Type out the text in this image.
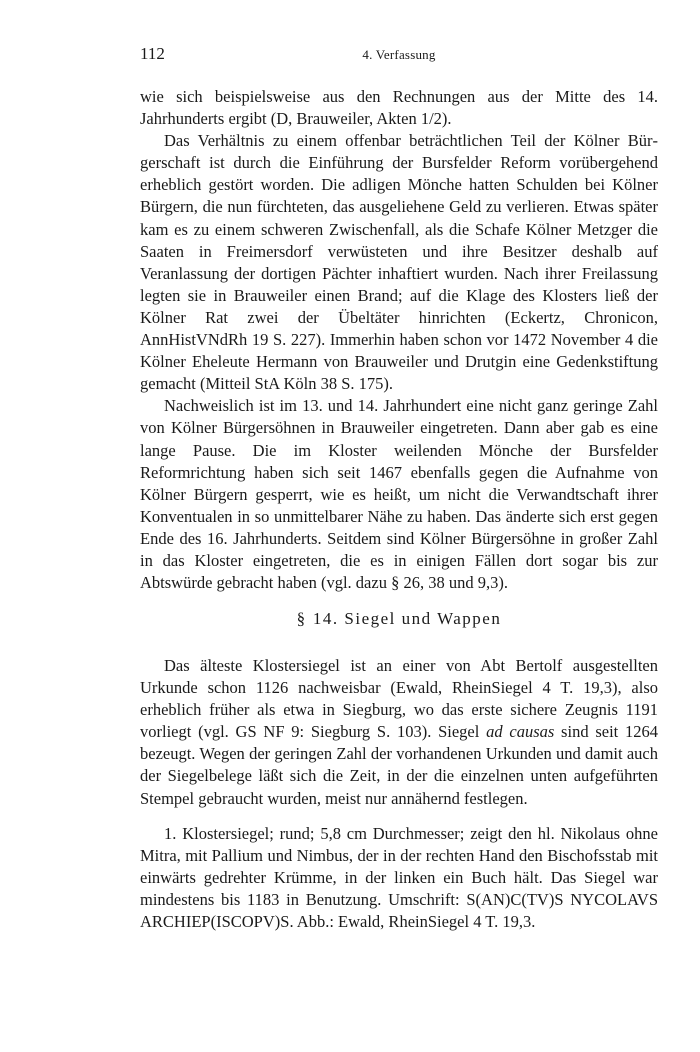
112	4. Verfassung

wie sich beispielsweise aus den Rechnungen aus der Mitte des 14. Jahrhunderts ergibt (D, Brauweiler, Akten 1/2).

Das Verhältnis zu einem offenbar beträchtlichen Teil der Kölner Bürgerschaft ist durch die Einführung der Bursfelder Reform vorübergehend erheblich gestört worden. Die adligen Mönche hatten Schulden bei Kölner Bürgern, die nun fürchteten, das ausgeliehene Geld zu verlieren. Etwas später kam es zu einem schweren Zwischenfall, als die Schafe Kölner Metzger die Saaten in Freimersdorf verwüsteten und ihre Besitzer deshalb auf Veranlassung der dortigen Pächter inhaftiert wurden. Nach ihrer Freilassung legten sie in Brauweiler einen Brand; auf die Klage des Klosters ließ der Kölner Rat zwei der Übeltäter hinrichten (Eckertz, Chronicon, AnnHistVNdRh 19 S. 227). Immerhin haben schon vor 1472 November 4 die Kölner Eheleute Hermann von Brauweiler und Drutgin eine Gedenkstiftung gemacht (Mitteil StA Köln 38 S. 175).

Nachweislich ist im 13. und 14. Jahrhundert eine nicht ganz geringe Zahl von Kölner Bürgersöhnen in Brauweiler eingetreten. Dann aber gab es eine lange Pause. Die im Kloster weilenden Mönche der Bursfelder Reformrichtung haben sich seit 1467 ebenfalls gegen die Aufnahme von Kölner Bürgern gesperrt, wie es heißt, um nicht die Verwandtschaft ihrer Konventualen in so unmittelbarer Nähe zu haben. Das änderte sich erst gegen Ende des 16. Jahrhunderts. Seitdem sind Kölner Bürgersöhne in großer Zahl in das Kloster eingetreten, die es in einigen Fällen dort sogar bis zur Abtswürde gebracht haben (vgl. dazu § 26, 38 und 9,3).

§ 14. Siegel und Wappen

Das älteste Klostersiegel ist an einer von Abt Bertolf ausgestellten Urkunde schon 1126 nachweisbar (Ewald, RheinSiegel 4 T. 19,3), also erheblich früher als etwa in Siegburg, wo das erste sichere Zeugnis 1191 vorliegt (vgl. GS NF 9: Siegburg S. 103). Siegel ad causas sind seit 1264 bezeugt. Wegen der geringen Zahl der vorhandenen Urkunden und damit auch der Siegelbelege läßt sich die Zeit, in der die einzelnen unten aufgeführten Stempel gebraucht wurden, meist nur annähernd festlegen.

1. Klostersiegel; rund; 5,8 cm Durchmesser; zeigt den hl. Nikolaus ohne Mitra, mit Pallium und Nimbus, der in der rechten Hand den Bischofsstab mit einwärts gedrehter Krümme, in der linken ein Buch hält. Das Siegel war mindestens bis 1183 in Benutzung. Umschrift: S(AN)C(TV)S NYCOLAVS ARCHIEP(ISCOPV)S. Abb.: Ewald, RheinSiegel 4 T. 19,3.
